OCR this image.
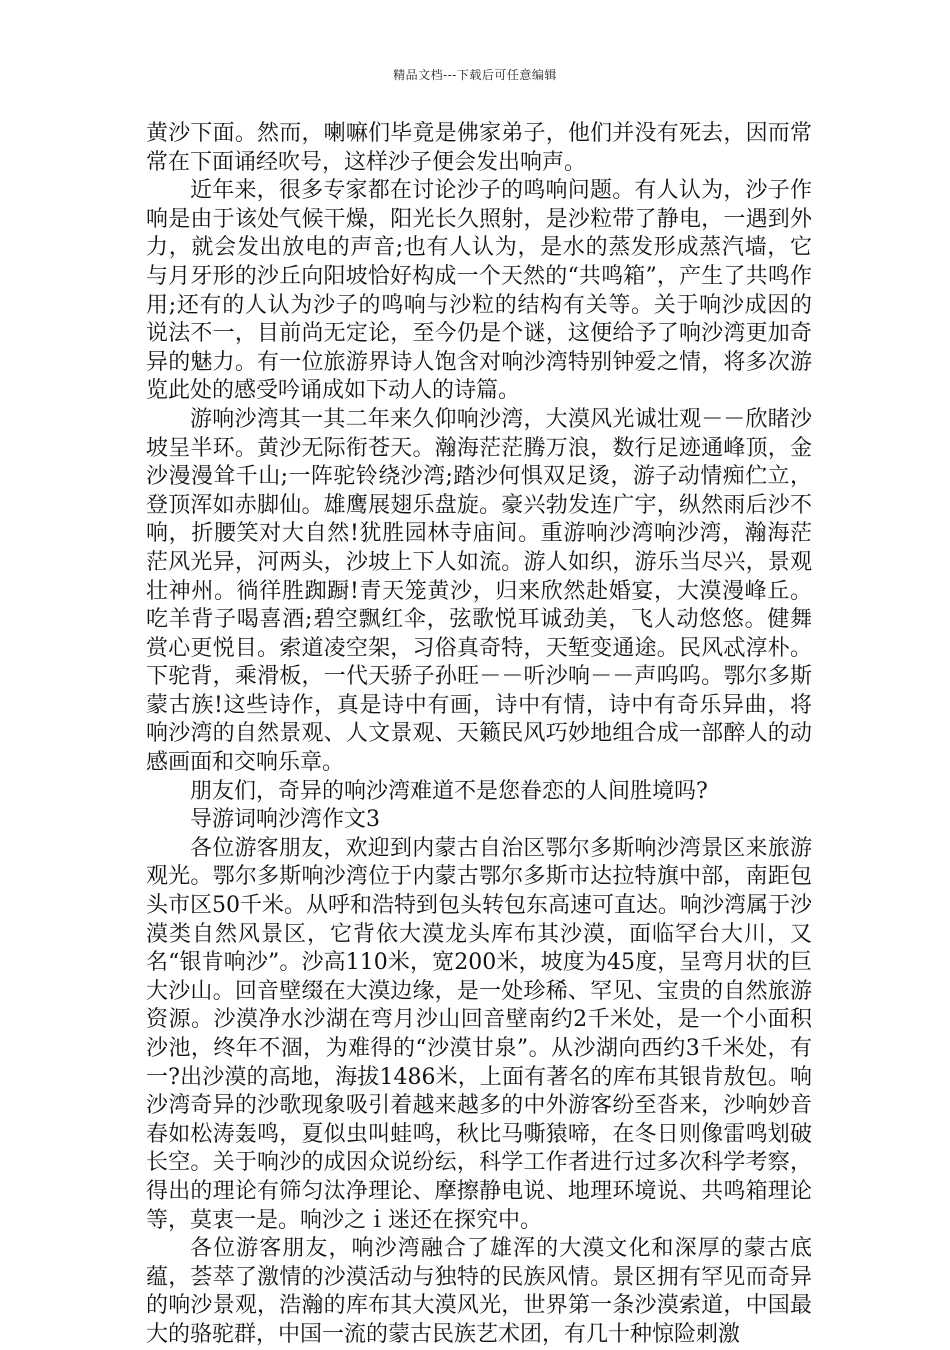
精品文档---下载后可任意编辑

黄沙下面。然而，喇嘛们毕竟是佛家弟子，他们并没有死去，因而常常在下面诵经吹号，这样沙子便会发出响声。

近年来，很多专家都在讨论沙子的鸣响问题。有人认为，沙子作响是由于该处气候干燥，阳光长久照射，是沙粒带了静电，一遇到外力，就会发出放电的声音;也有人认为，是水的蒸发形成蒸汽墙，它与月牙形的沙丘向阳坡恰好构成一个天然的“共鸣箱”，产生了共鸣作用;还有的人认为沙子的鸣响与沙粒的结构有关等。关于响沙成因的说法不一，目前尚无定论，至今仍是个谜，这便给予了响沙湾更加奇异的魅力。有一位旅游界诗人饱含对响沙湾特别钟爱之情，将多次游览此处的感受吟诵成如下动人的诗篇。

游响沙湾其一其二年来久仰响沙湾，大漠风光诚壮观－－欣睹沙坡呈半环。黄沙无际衔苍天。瀚海茫茫腾万浪，数行足迹通峰顶，金沙漫漫耸千山;一阵驼铃绕沙湾;踏沙何惧双足烫，游子动情痴伫立，登顶浑如赤脚仙。雄鹰展翅乐盘旋。豪兴勃发连广宇，纵然雨后沙不响，折腰笑对大自然!犹胜园林寺庙间。重游响沙湾响沙湾，瀚海茫茫风光异，河两头，沙坡上下人如流。游人如织，游乐当尽兴，景观壮神州。徜徉胜踟蹰!青天笼黄沙，归来欣然赴婚宴，大漠漫峰丘。吃羊背子喝喜酒;碧空飘红伞，弦歌悦耳诚劲美，飞人动悠悠。健舞赏心更悦目。索道凌空架，习俗真奇特，天堑变通途。民风忒淳朴。下驼背，乘滑板，一代天骄子孙旺－－听沙响－－声呜呜。鄂尔多斯蒙古族!这些诗作，真是诗中有画，诗中有情，诗中有奇乐异曲，将响沙湾的自然景观、人文景观、天籁民风巧妙地组合成一部醉人的动感画面和交响乐章。

朋友们，奇异的响沙湾难道不是您眷恋的人间胜境吗?

导游词响沙湾作文3

各位游客朋友，欢迎到内蒙古自治区鄂尔多斯响沙湾景区来旅游观光。鄂尔多斯响沙湾位于内蒙古鄂尔多斯市达拉特旗中部，南距包头市区50千米。从呼和浩特到包头转包东高速可直达。响沙湾属于沙漠类自然风景区，它背依大漠龙头库布其沙漠，面临罕台大川，又名“银肯响沙”。沙高110米，宽200米，坡度为45度，呈弯月状的巨大沙山。回音壁缀在大漠边缘，是一处珍稀、罕见、宝贵的自然旅游资源。沙漠净水沙湖在弯月沙山回音壁南约2千米处，是一个小面积沙池，终年不涸，为难得的“沙漠甘泉”。从沙湖向西约3千米处，有一?出沙漠的高地，海拔1486米，上面有著名的库布其银肯敖包。响沙湾奇异的沙歌现象吸引着越来越多的中外游客纷至沓来，沙响妙音春如松涛轰鸣，夏似虫叫蛙鸣，秋比马嘶猿啼，在冬日则像雷鸣划破长空。关于响沙的成因众说纷纭，科学工作者进行过多次科学考察，得出的理论有筛匀汰净理论、摩擦静电说、地理环境说、共鸣箱理论等，莫衷一是。响沙之ｉ迷还在探究中。

各位游客朋友，响沙湾融合了雄浑的大漠文化和深厚的蒙古底蕴，荟萃了激情的沙漠活动与独特的民族风情。景区拥有罕见而奇异的响沙景观，浩瀚的库布其大漠风光，世界第一条沙漠索道，中国最大的骆驼群，中国一流的蒙古民族艺术团，有几十种惊险刺激
